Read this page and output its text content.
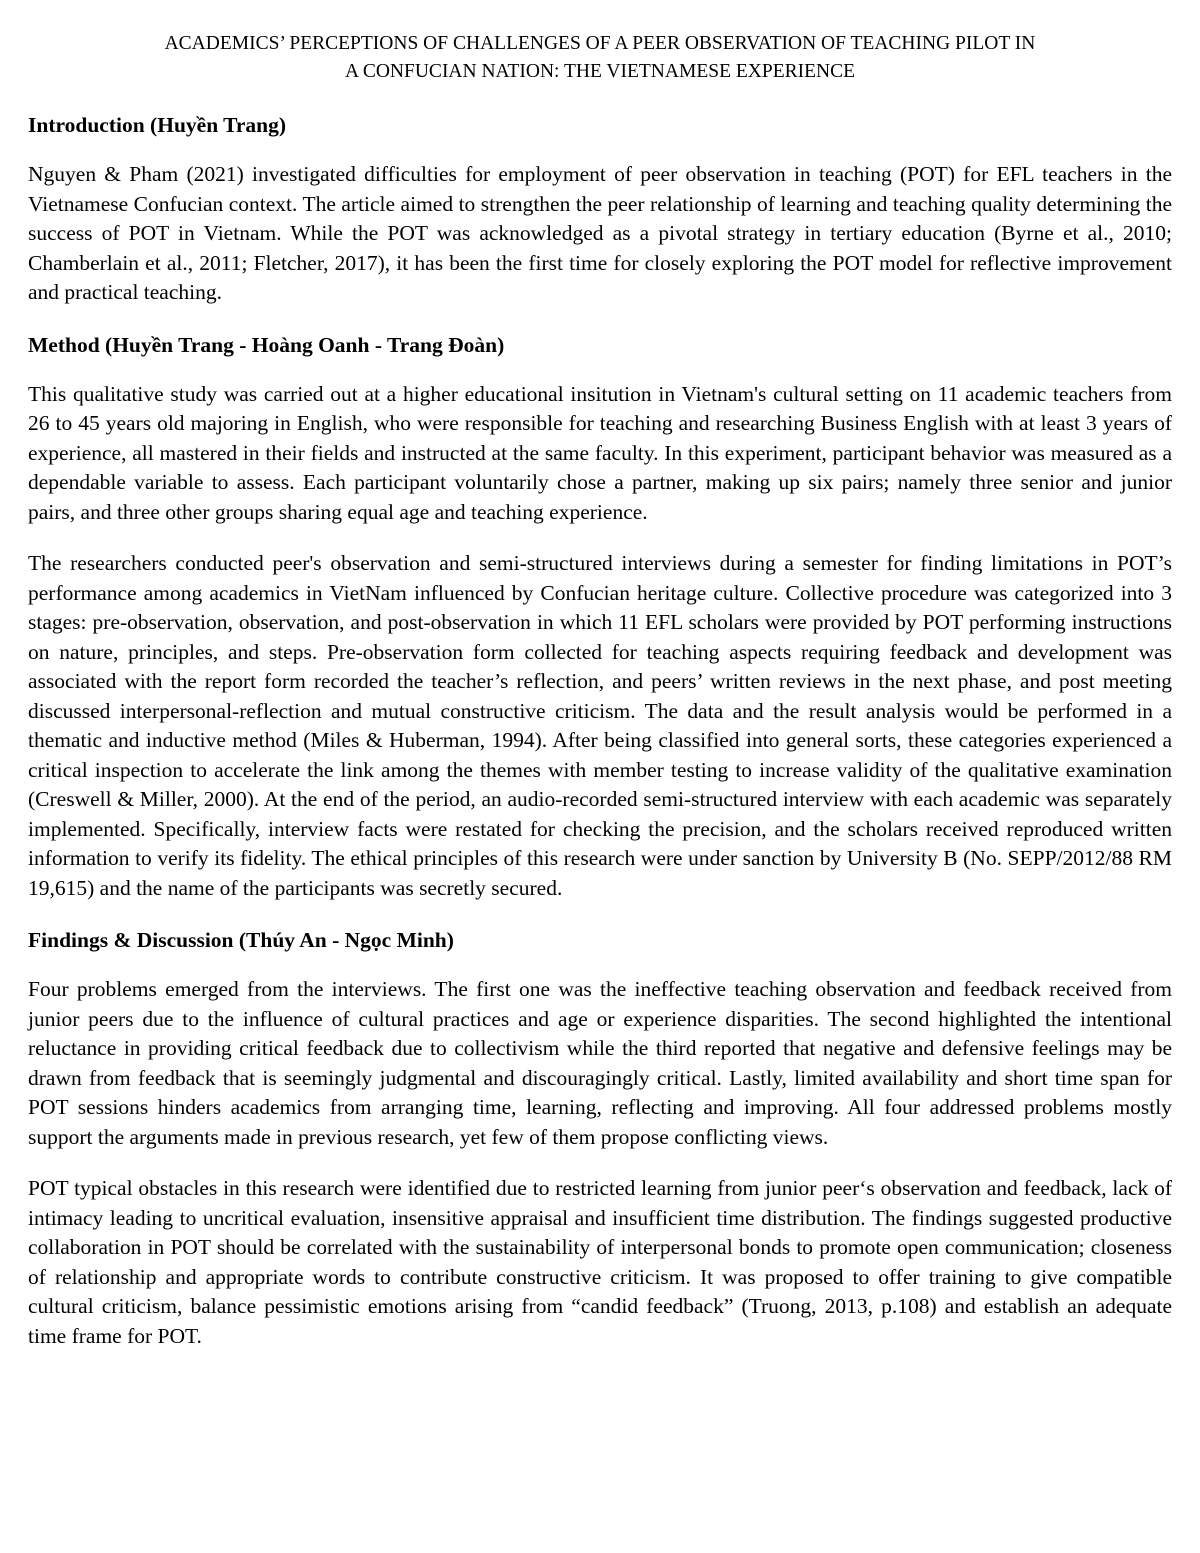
ACADEMICS’ PERCEPTIONS OF CHALLENGES OF A PEER OBSERVATION OF TEACHING PILOT IN
A CONFUCIAN NATION: THE VIETNAMESE EXPERIENCE
Introduction (Huyền Trang)

Nguyen & Pham (2021) investigated difficulties for employment of peer observation in teaching (POT) for EFL teachers in the Vietnamese Confucian context. The article aimed to strengthen the peer relationship of learning and teaching quality determining the success of POT in Vietnam. While the POT was acknowledged as a pivotal strategy in tertiary education (Byrne et al., 2010; Chamberlain et al., 2011; Fletcher, 2017), it has been the first time for closely exploring the POT model for reflective improvement and practical teaching.

Method (Huyền Trang - Hoàng Oanh - Trang Đoàn)

This qualitative study was carried out at a higher educational insitution in Vietnam's cultural setting on 11 academic teachers from 26 to 45 years old majoring in English, who were responsible for teaching and researching Business English with at least 3 years of experience, all mastered in their fields and instructed at the same faculty. In this experiment, participant behavior was measured as a dependable variable to assess. Each participant voluntarily chose a partner, making up six pairs; namely three senior and junior pairs, and three other groups sharing equal age and teaching experience.

The researchers conducted peer's observation and semi-structured interviews during a semester for finding limitations in POT’s performance among academics in VietNam influenced by Confucian heritage culture. Collective procedure was categorized into 3 stages: pre-observation, observation, and post-observation in which 11 EFL scholars were provided by POT performing instructions on nature, principles, and steps. Pre-observation form collected for teaching aspects requiring feedback and development was associated with the report form recorded the teacher’s reflection, and peers’ written reviews in the next phase, and post meeting discussed interpersonal-reflection and mutual constructive criticism. The data and the result analysis would be performed in a thematic and inductive method (Miles & Huberman, 1994). After being classified into general sorts, these categories experienced a critical inspection to accelerate the link among the themes with member testing to increase validity of the qualitative examination (Creswell & Miller, 2000). At the end of the period, an audio-recorded semi-structured interview with each academic was separately implemented. Specifically, interview facts were restated for checking the precision, and the scholars received reproduced written information to verify its fidelity. The ethical principles of this research were under sanction by University B (No. SEPP/2012/88 RM 19,615) and the name of the participants was secretly secured.

Findings & Discussion (Thúy An - Ngọc Minh)

Four problems emerged from the interviews. The first one was the ineffective teaching observation and feedback received from junior peers due to the influence of cultural practices and age or experience disparities. The second highlighted the intentional reluctance in providing critical feedback due to collectivism while the third reported that negative and defensive feelings may be drawn from feedback that is seemingly judgmental and discouragingly critical. Lastly, limited availability and short time span for POT sessions hinders academics from arranging time, learning, reflecting and improving. All four addressed problems mostly support the arguments made in previous research, yet few of them propose conflicting views.

POT typical obstacles in this research were identified due to restricted learning from junior peer‘s observation and feedback, lack of intimacy leading to uncritical evaluation, insensitive appraisal and insufficient time distribution. The findings suggested productive collaboration in POT should be correlated with the sustainability of interpersonal bonds to promote open communication; closeness of relationship and appropriate words to contribute constructive criticism. It was proposed to offer training to give compatible cultural criticism, balance pessimistic emotions arising from “candid feedback” (Truong, 2013, p.108) and establish an adequate time frame for POT.
